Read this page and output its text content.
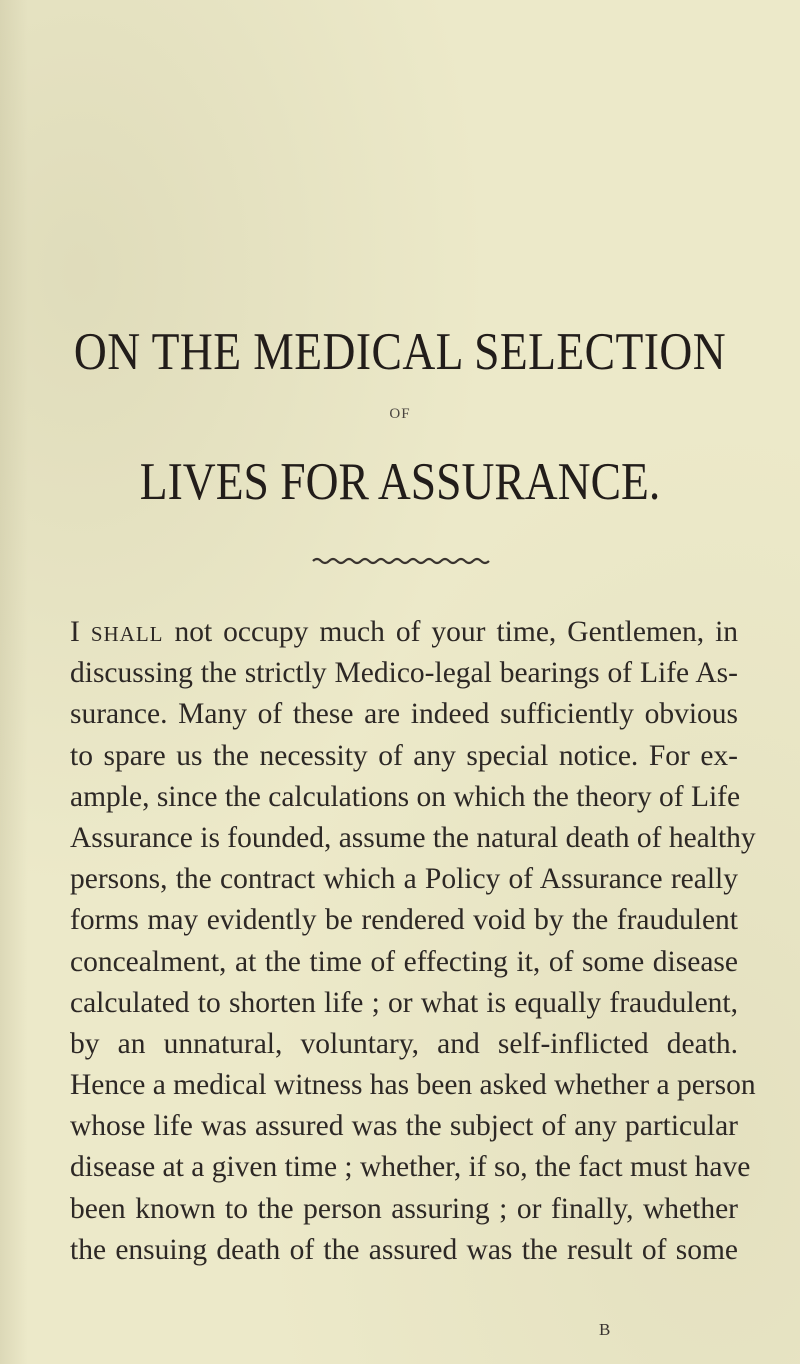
ON THE MEDICAL SELECTION
OF
LIVES FOR ASSURANCE.
I shall not occupy much of your time, Gentlemen, in
discussing the strictly Medico-legal bearings of Life As-
surance. Many of these are indeed sufficiently obvious
to spare us the necessity of any special notice. For ex-
ample, since the calculations on which the theory of Life
Assurance is founded, assume the natural death of healthy
persons, the contract which a Policy of Assurance really
forms may evidently be rendered void by the fraudulent
concealment, at the time of effecting it, of some disease
calculated to shorten life ; or what is equally fraudulent,
by an unnatural, voluntary, and self-inflicted death.
Hence a medical witness has been asked whether a person
whose life was assured was the subject of any particular
disease at a given time ; whether, if so, the fact must have
been known to the person assuring ; or finally, whether
the ensuing death of the assured was the result of some
B
